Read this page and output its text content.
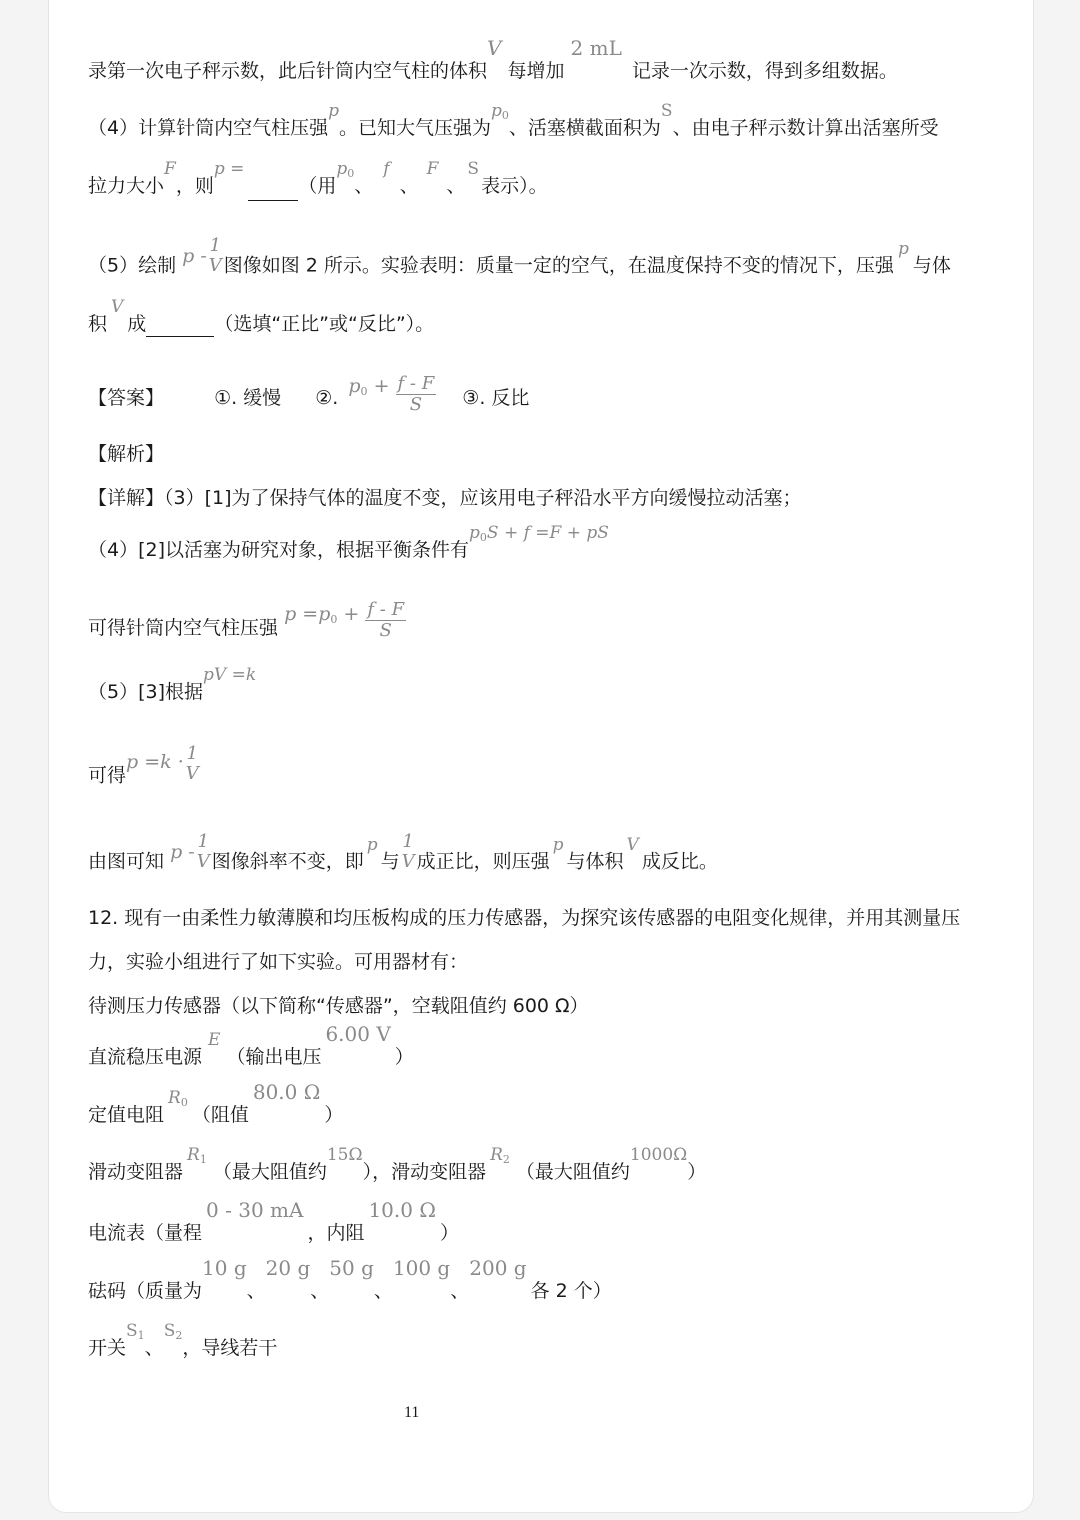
录第一次电子秤示数，此后针筒内空气柱的体积V 每增加2 mL 记录一次示数，得到多组数据。
（4）计算针筒内空气柱压强p。已知大气压强为p0、活塞横截面积为S、由电子秤示数计算出活塞所受
拉力大小F，则p =（用p0、f、F、S表示）。
（5）绘制 p - 1
V 图像如图 2 所示。实验表明：质量一定的空气，在温度保持不变的情况下，压强p与体
积V成	（选填“正比”或“反比”）。
【答案】	①. 缓慢 ②. $p0 + \frac{f - F}{S}$ ③. 反比
【解析】
【详解】（3）[1]为了保持气体的温度不变，应该用电子秤沿水平方向缓慢拉动活塞；
（4）[2]以活塞为研究对象，根据平衡条件有p0S + f =F + pS
可得针筒内空气柱压强 $p =p0 + \frac{f - F}{S}$
（5）[3]根据pV =k
可得p =k · 1
V
由图可知 p - 1
V 图像斜率不变，即p与
1
V 成正比，则压强p与体积V成反比。
12. 现有一由柔性力敏薄膜和均压板构成的压力传感器，为探究该传感器的电阻变化规律，并用其测量压
力，实验小组进行了如下实验。可用器材有：
待测压力传感器（以下简称“传感器”，空载阻值约 600 Ω）
直流稳压电源E（输出电压6.00 V）
定值电阻R0（阻值80.0 Ω）
滑动变阻器R1（最大阻值约15Ω），滑动变阻器R2（最大阻值约1000Ω）
电流表（量程0 - 30 mA，内阻10.0 Ω）
砝码（质量为10 g、20 g、50 g、100 g、200 g各 2 个）
开关S1、S2，导线若干
11
